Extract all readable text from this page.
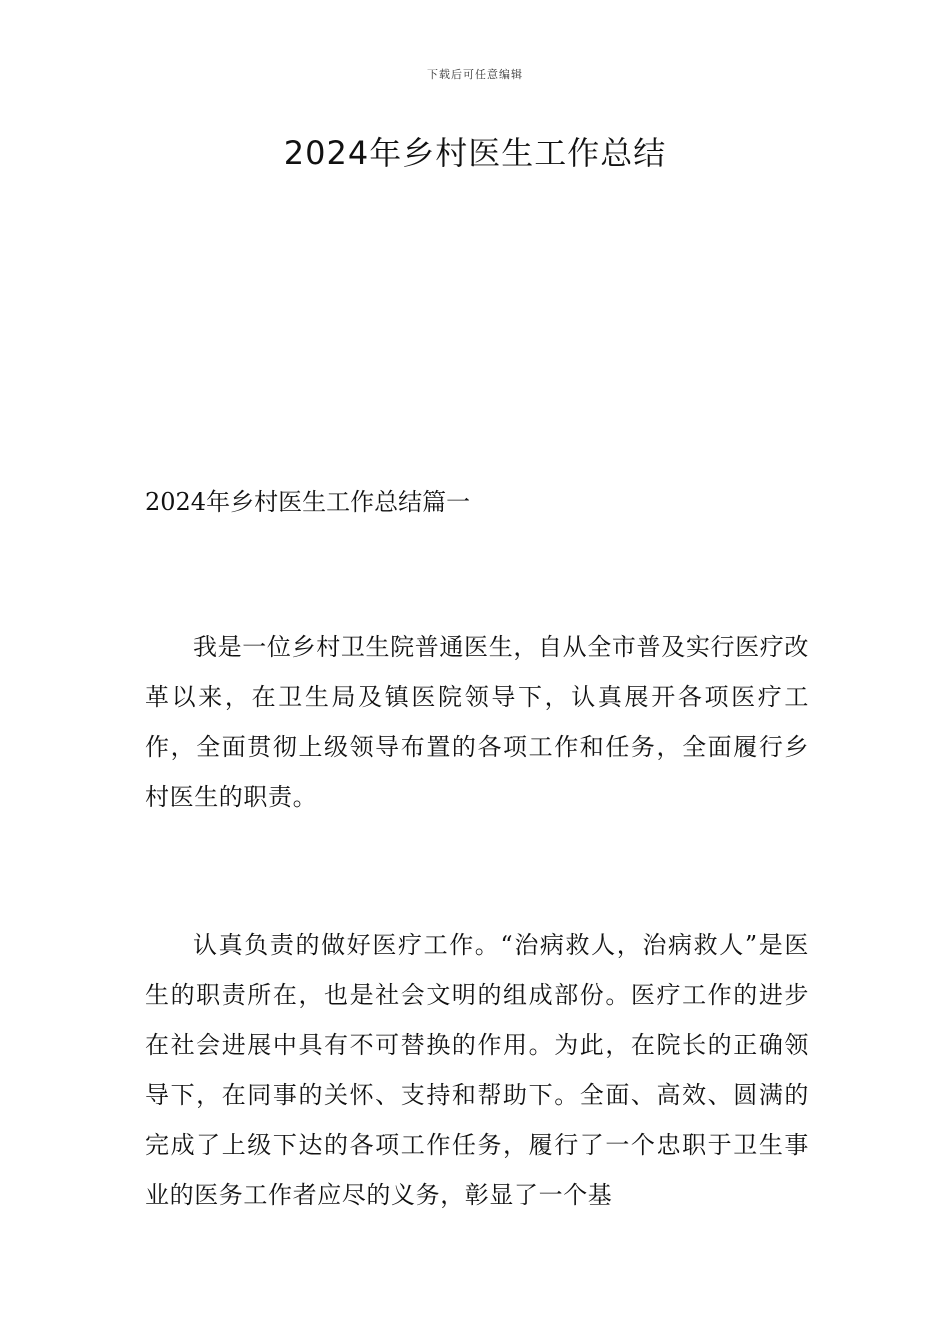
下载后可任意编辑
2024年乡村医生工作总结
2024年乡村医生工作总结篇一

我是一位乡村卫生院普通医生，自从全市普及实行医疗改革以来，在卫生局及镇医院领导下，认真展开各项医疗工作，全面贯彻上级领导布置的各项工作和任务，全面履行乡村医生的职责。

认真负责的做好医疗工作。“治病救人，治病救人”是医生的职责所在，也是社会文明的组成部份。医疗工作的进步在社会进展中具有不可替换的作用。为此，在院长的正确领导下，在同事的关怀、支持和帮助下。全面、高效、圆满的完成了上级下达的各项工作任务，履行了一个忠职于卫生事业的医务工作者应尽的义务，彰显了一个基
